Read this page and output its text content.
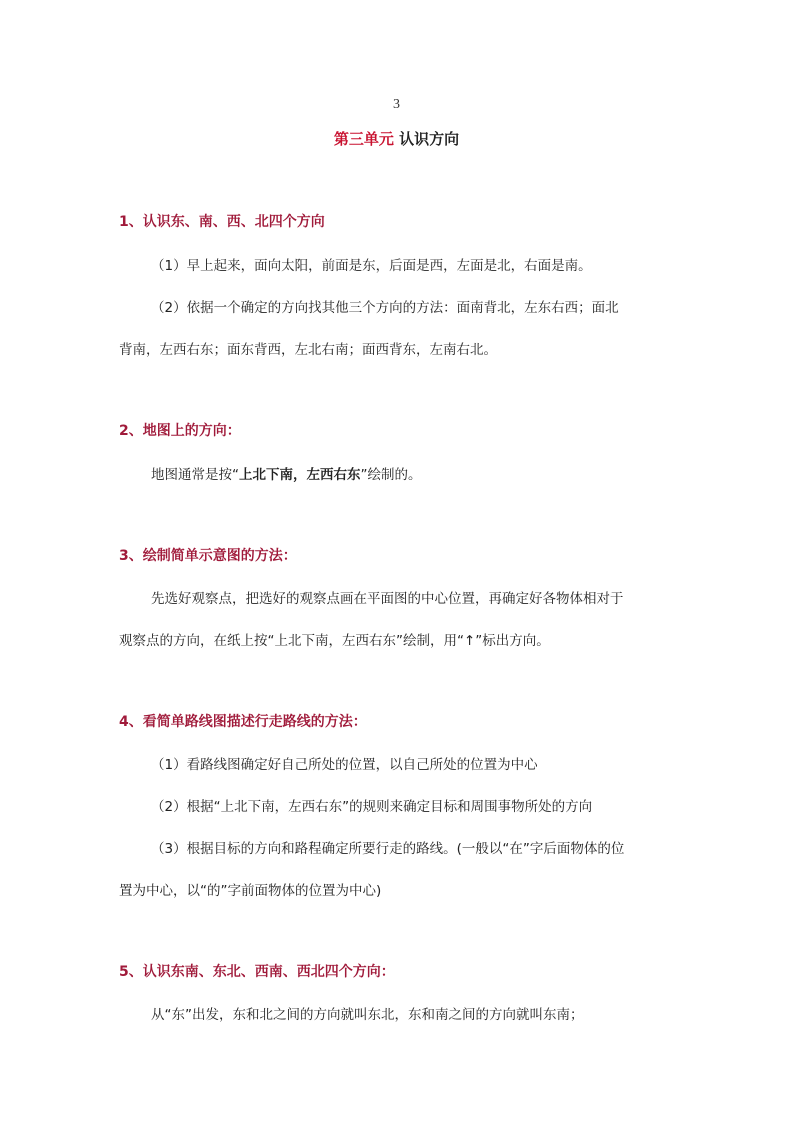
3
第三单元 认识方向
1、认识东、南、西、北四个方向
（1）早上起来，面向太阳，前面是东，后面是西，左面是北，右面是南。
（2）依据一个确定的方向找其他三个方向的方法：面南背北，左东右西；面北
背南，左西右东；面东背西，左北右南；面西背东，左南右北。
2、地图上的方向：
地图通常是按“上北下南，左西右东”绘制的。
3、绘制简单示意图的方法：
先选好观察点，把选好的观察点画在平面图的中心位置，再确定好各物体相对于
观察点的方向，在纸上按“上北下南，左西右东”绘制，用“↑”标出方向。
4、看简单路线图描述行走路线的方法：
（1）看路线图确定好自己所处的位置，以自己所处的位置为中心
（2）根据“上北下南，左西右东”的规则来确定目标和周围事物所处的方向
（3）根据目标的方向和路程确定所要行走的路线。(一般以“在”字后面物体的位
置为中心，以“的”字前面物体的位置为中心)
5、认识东南、东北、西南、西北四个方向：
从“东”出发，东和北之间的方向就叫东北，东和南之间的方向就叫东南；
